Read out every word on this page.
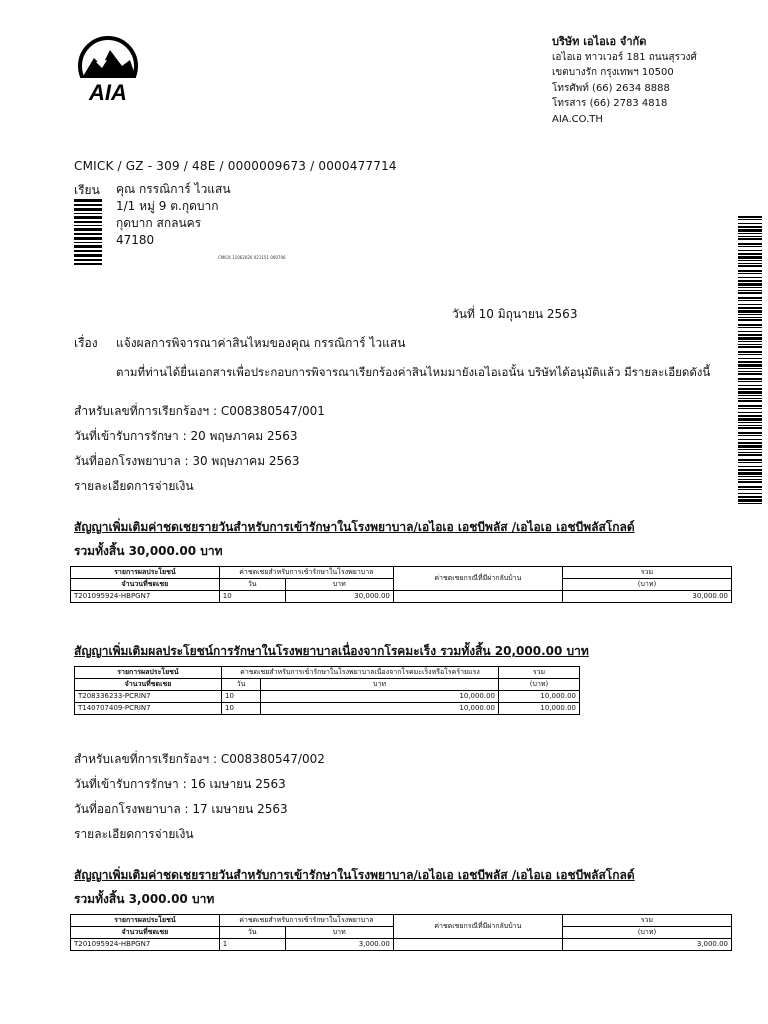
AIA
บริษัท เอไอเอ จำกัด
เอไอเอ ทาวเวอร์ 181 ถนนสุรวงศ์
เขตบางรัก กรุงเทพฯ 10500
โทรศัพท์ (66) 2634 8888
โทรสาร (66) 2783 4818
AIA.CO.TH
CMICK / GZ - 309 / 48E / 0000009673 / 0000477714
เรียน คุณ กรรณิการ์ ไวแสน
1/1 หมู่ 9 ต.กุดบาก
กุดบาก สกลนคร
47180
CMICK 11062020 021151 000706
วันที่ 10 มิถุนายน 2563
เรื่อง แจ้งผลการพิจารณาค่าสินไหมของคุณ กรรณิการ์ ไวแสน
ตามที่ท่านได้ยื่นเอกสารเพื่อประกอบการพิจารณาเรียกร้องค่าสินไหมมายังเอไอเอนั้น บริษัทได้อนุมัติแล้ว มีรายละเอียดดังนี้
สำหรับเลขที่การเรียกร้องฯ : C008380547/001
วันที่เข้ารับการรักษา : 20 พฤษภาคม 2563
วันที่ออกโรงพยาบาล : 30 พฤษภาคม 2563
รายละเอียดการจ่ายเงิน
สัญญาเพิ่มเติมค่าชดเชยรายวันสำหรับการเข้ารักษาในโรงพยาบาล/เอไอเอ เอชบีพลัส /เอไอเอ เอชบีพลัสโกลด์
รวมทั้งสิ้น 30,000.00 บาท
รายการผลประโยชน์	ค่าชดเชยสำหรับการเข้ารักษาในโรงพยาบาล		ค่าชดเชยกรณีที่มีผ่ากลับบ้าน	รวม
จำนวนที่ชดเชย	วัน	บาท		(บาท)
T201095924-HBPGN7	10	30,000.00		30,000.00
สัญญาเพิ่มเติมผลประโยชน์การรักษาในโรงพยาบาลเนื่องจากโรคมะเร็ง รวมทั้งสิ้น 20,000.00 บาท
รายการผลประโยชน์	ค่าชดเชยสำหรับการเข้ารักษาในโรงพยาบาลเนื่องจากโรคมะเร็งหรือโรคร้ายแรง		รวม
จำนวนที่ชดเชย	วัน	บาท	(บาท)
T208336233-PCRIN7	10	10,000.00	10,000.00
T140707409-PCRIN7	10	10,000.00	10,000.00
สำหรับเลขที่การเรียกร้องฯ : C008380547/002
วันที่เข้ารับการรักษา : 16 เมษายน 2563
วันที่ออกโรงพยาบาล : 17 เมษายน 2563
รายละเอียดการจ่ายเงิน
สัญญาเพิ่มเติมค่าชดเชยรายวันสำหรับการเข้ารักษาในโรงพยาบาล/เอไอเอ เอชบีพลัส /เอไอเอ เอชบีพลัสโกลด์
รวมทั้งสิ้น 3,000.00 บาท
รายการผลประโยชน์	ค่าชดเชยสำหรับการเข้ารักษาในโรงพยาบาล		ค่าชดเชยกรณีที่มีผ่ากลับบ้าน	รวม
จำนวนที่ชดเชย	วัน	บาท		(บาท)
T201095924-HBPGN7	1	3,000.00		3,000.00
